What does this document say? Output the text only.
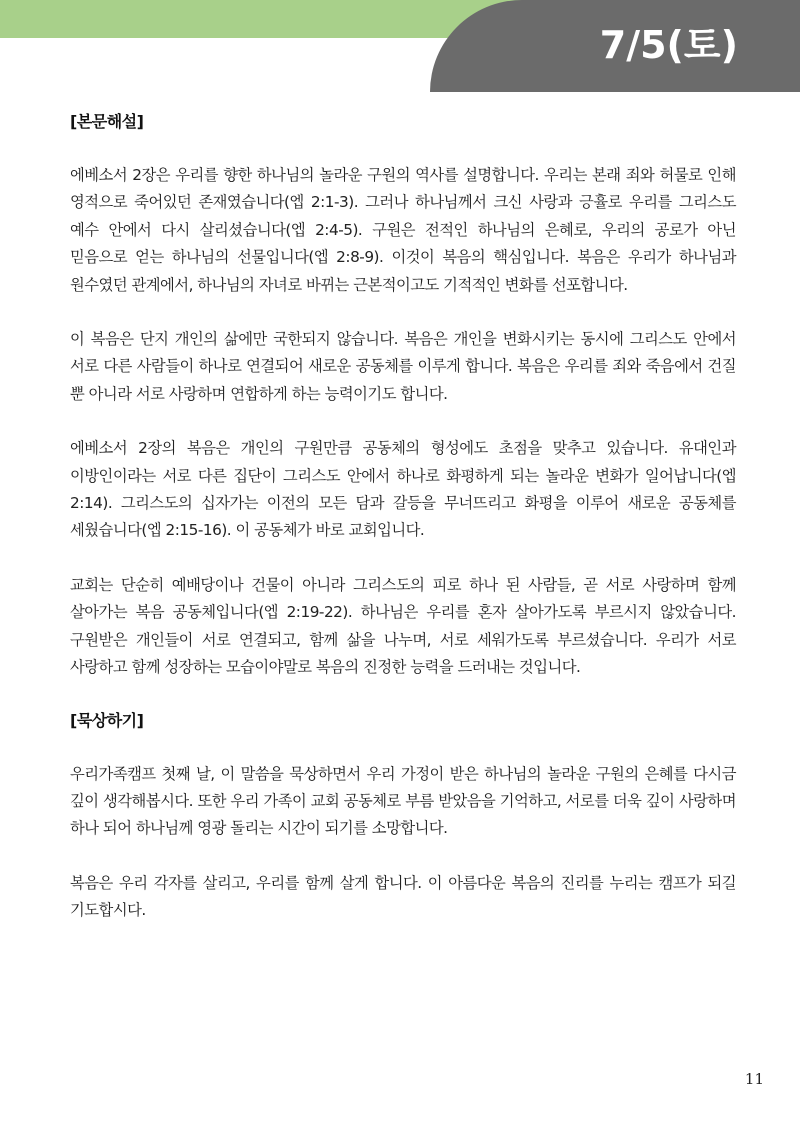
7/5(토)
[본문해설]

에베소서 2장은 우리를 향한 하나님의 놀라운 구원의 역사를 설명합니다. 우리는 본래 죄와 허물로 인해 영적으로 죽어있던 존재였습니다(엡 2:1-3). 그러나 하나님께서 크신 사랑과 긍휼로 우리를 그리스도 예수 안에서 다시 살리셨습니다(엡 2:4-5). 구원은 전적인 하나님의 은혜로, 우리의 공로가 아닌 믿음으로 얻는 하나님의 선물입니다(엡 2:8-9). 이것이 복음의 핵심입니다. 복음은 우리가 하나님과 원수였던 관계에서, 하나님의 자녀로 바뀌는 근본적이고도 기적적인 변화를 선포합니다.

이 복음은 단지 개인의 삶에만 국한되지 않습니다. 복음은 개인을 변화시키는 동시에 그리스도 안에서 서로 다른 사람들이 하나로 연결되어 새로운 공동체를 이루게 합니다. 복음은 우리를 죄와 죽음에서 건질 뿐 아니라 서로 사랑하며 연합하게 하는 능력이기도 합니다.

에베소서 2장의 복음은 개인의 구원만큼 공동체의 형성에도 초점을 맞추고 있습니다. 유대인과 이방인이라는 서로 다른 집단이 그리스도 안에서 하나로 화평하게 되는 놀라운 변화가 일어납니다(엡 2:14). 그리스도의 십자가는 이전의 모든 담과 갈등을 무너뜨리고 화평을 이루어 새로운 공동체를 세웠습니다(엡 2:15-16). 이 공동체가 바로 교회입니다.

교회는 단순히 예배당이나 건물이 아니라 그리스도의 피로 하나 된 사람들, 곧 서로 사랑하며 함께 살아가는 복음 공동체입니다(엡 2:19-22). 하나님은 우리를 혼자 살아가도록 부르시지 않았습니다. 구원받은 개인들이 서로 연결되고, 함께 삶을 나누며, 서로 세워가도록 부르셨습니다. 우리가 서로 사랑하고 함께 성장하는 모습이야말로 복음의 진정한 능력을 드러내는 것입니다.

[묵상하기]

우리가족캠프 첫째 날, 이 말씀을 묵상하면서 우리 가정이 받은 하나님의 놀라운 구원의 은혜를 다시금 깊이 생각해봅시다. 또한 우리 가족이 교회 공동체로 부름 받았음을 기억하고, 서로를 더욱 깊이 사랑하며 하나 되어 하나님께 영광 돌리는 시간이 되기를 소망합니다.

복음은 우리 각자를 살리고, 우리를 함께 살게 합니다. 이 아름다운 복음의 진리를 누리는 캠프가 되길 기도합시다.

11
